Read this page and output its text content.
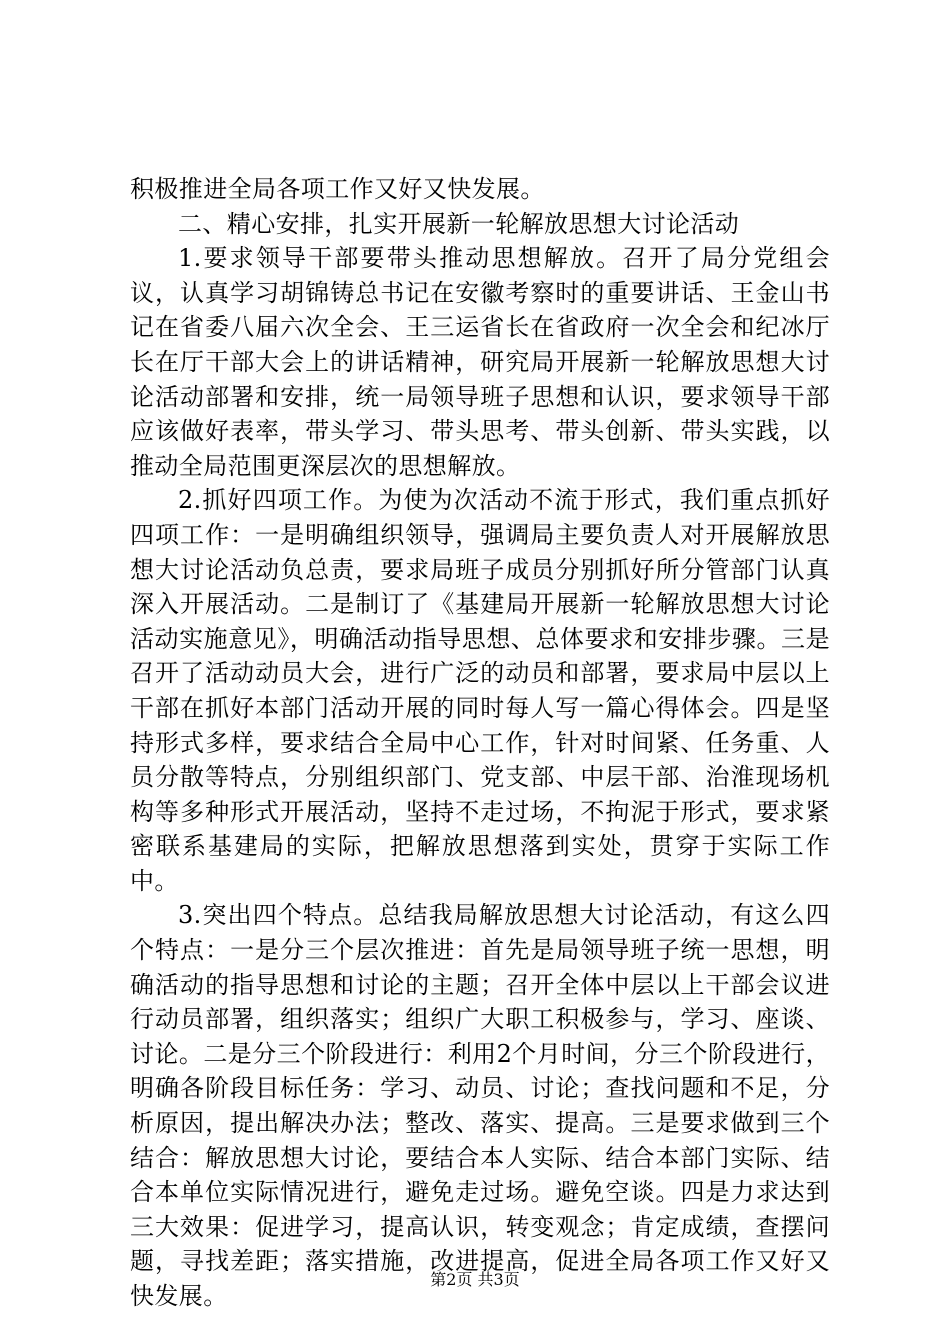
积极推进全局各项工作又好又快发展。

二、精心安排，扎实开展新一轮解放思想大讨论活动

1.要求领导干部要带头推动思想解放。召开了局分党组会议，认真学习胡锦铸总书记在安徽考察时的重要讲话、王金山书记在省委八届六次全会、王三运省长在省政府一次全会和纪冰厅长在厅干部大会上的讲话精神，研究局开展新一轮解放思想大讨论活动部署和安排，统一局领导班子思想和认识，要求领导干部应该做好表率，带头学习、带头思考、带头创新、带头实践，以推动全局范围更深层次的思想解放。

2.抓好四项工作。为使为次活动不流于形式，我们重点抓好四项工作：一是明确组织领导，强调局主要负责人对开展解放思想大讨论活动负总责，要求局班子成员分别抓好所分管部门认真深入开展活动。二是制订了《基建局开展新一轮解放思想大讨论活动实施意见》，明确活动指导思想、总体要求和安排步骤。三是召开了活动动员大会，进行广泛的动员和部署，要求局中层以上干部在抓好本部门活动开展的同时每人写一篇心得体会。四是坚持形式多样，要求结合全局中心工作，针对时间紧、任务重、人员分散等特点，分别组织部门、党支部、中层干部、治淮现场机构等多种形式开展活动，坚持不走过场，不拘泥于形式，要求紧密联系基建局的实际，把解放思想落到实处，贯穿于实际工作中。

3.突出四个特点。总结我局解放思想大讨论活动，有这么四个特点：一是分三个层次推进：首先是局领导班子统一思想，明确活动的指导思想和讨论的主题；召开全体中层以上干部会议进行动员部署，组织落实；组织广大职工积极参与，学习、座谈、讨论。二是分三个阶段进行：利用2个月时间，分三个阶段进行，明确各阶段目标任务：学习、动员、讨论；查找问题和不足，分析原因，提出解决办法；整改、落实、提高。三是要求做到三个结合：解放思想大讨论，要结合本人实际、结合本部门实际、结合本单位实际情况进行，避免走过场。避免空谈。四是力求达到三大效果：促进学习，提高认识，转变观念；肯定成绩，查摆问题，寻找差距；落实措施，改进提高，促进全局各项工作又好又快发展。

第2页 共3页
